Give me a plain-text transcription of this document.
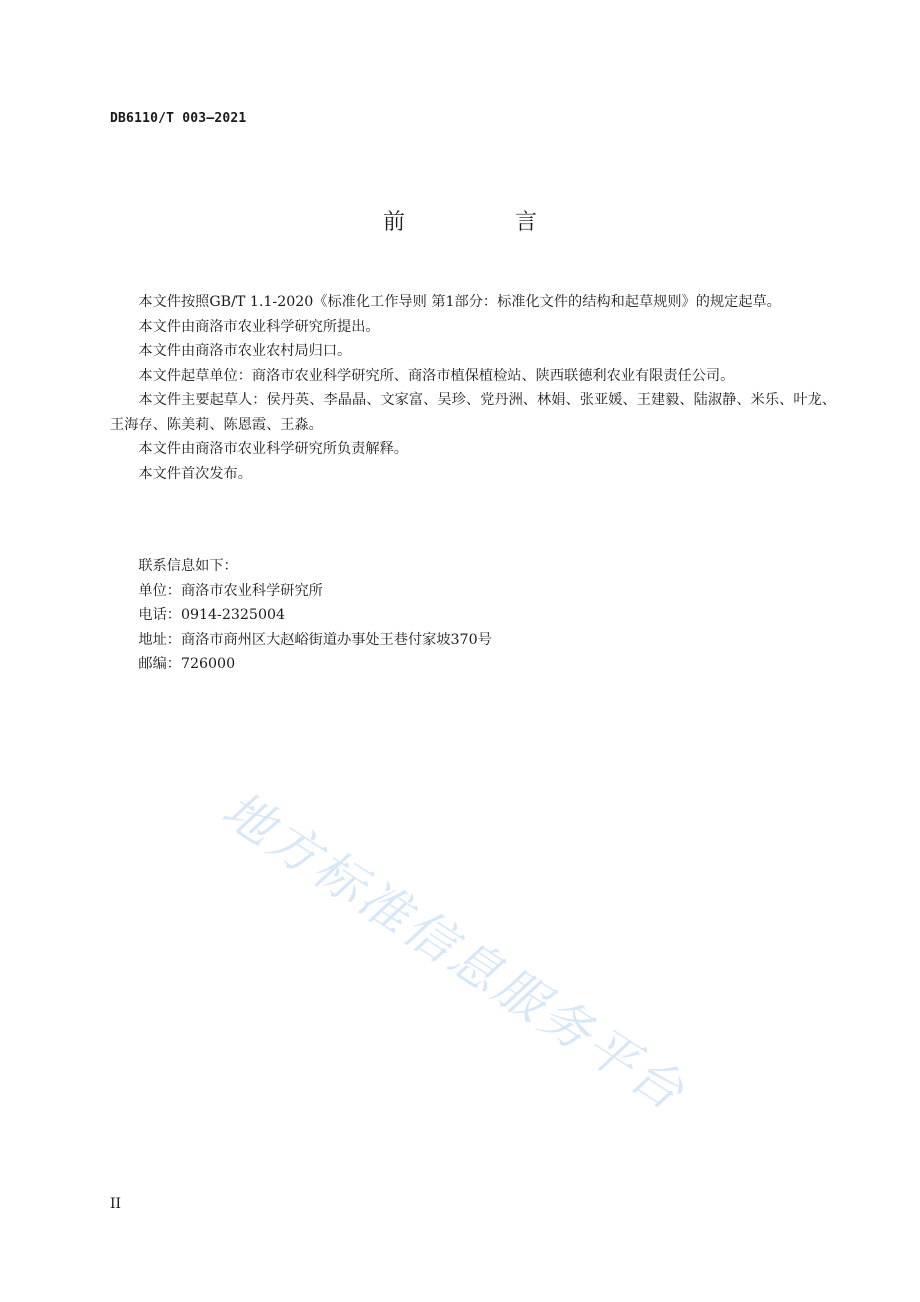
DB6110/T 003—2021
前　言

本文件按照GB/T 1.1-2020《标准化工作导则 第1部分：标准化文件的结构和起草规则》的规定起草。

本文件由商洛市农业科学研究所提出。

本文件由商洛市农业农村局归口。

本文件起草单位：商洛市农业科学研究所、商洛市植保植检站、陕西联德利农业有限责任公司。

本文件主要起草人：侯丹英、李晶晶、文家富、吴珍、党丹洲、林娟、张亚媛、王建毅、陆淑静、米乐、叶龙、王海存、陈美莉、陈恩霞、王淼。

本文件由商洛市农业科学研究所负责解释。

本文件首次发布。

联系信息如下：

单位：商洛市农业科学研究所

电话：0914-2325004

地址：商洛市商州区大赵峪街道办事处王巷付家坡370号

邮编：726000

地方标准信息服务平台
II
